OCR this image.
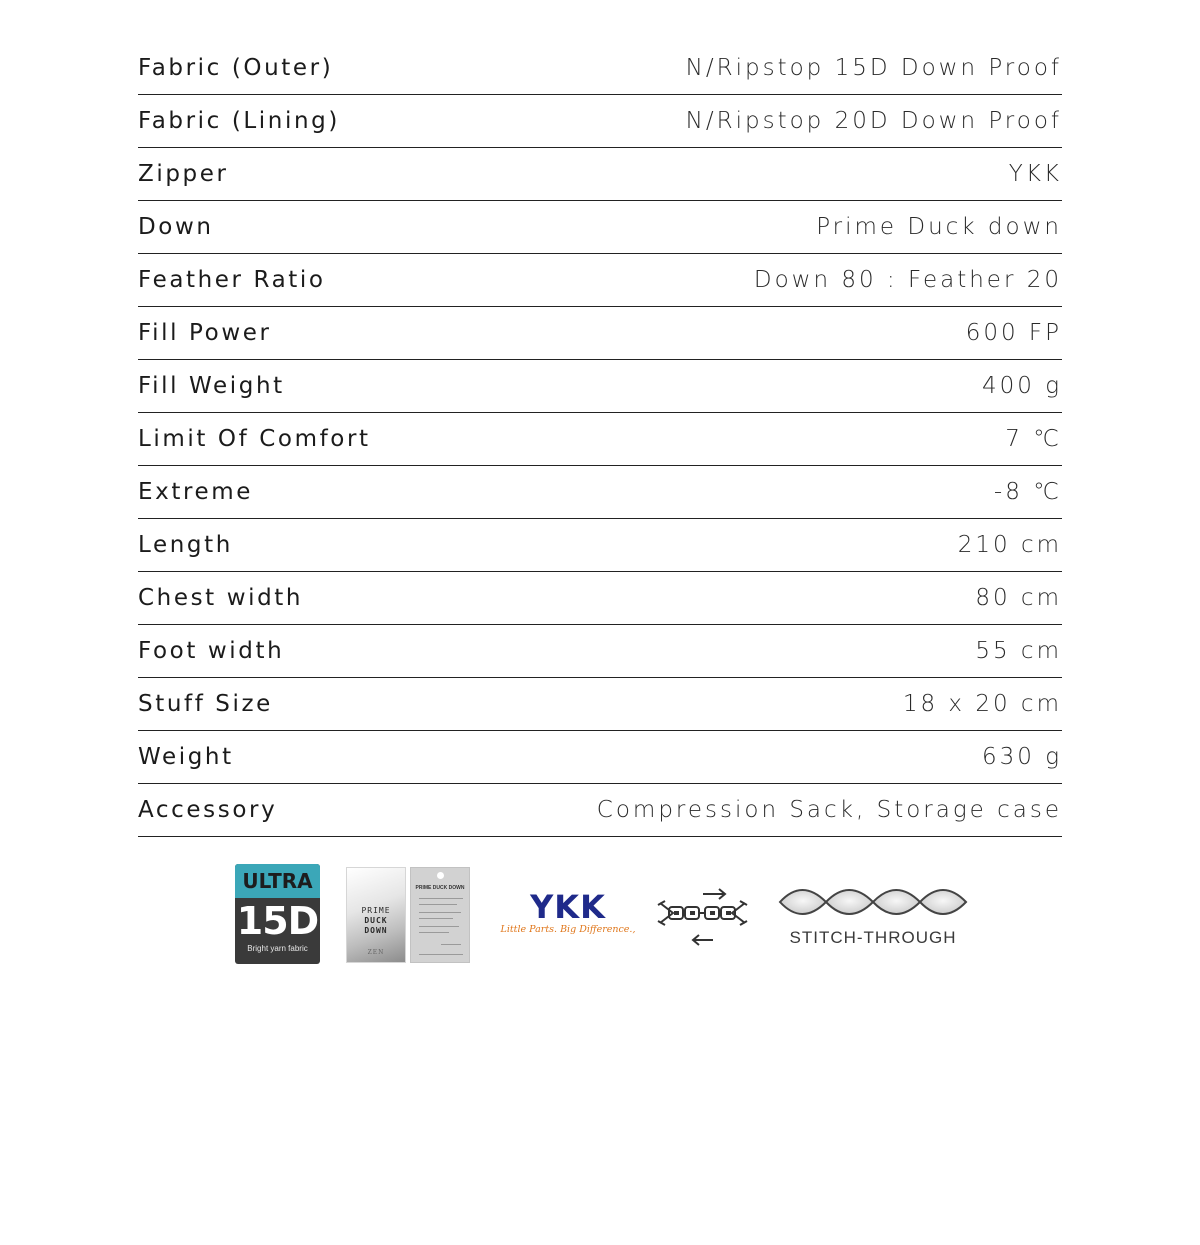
Fabric (Outer)	N/Ripstop 15D Down Proof
Fabric (Lining)	N/Ripstop 20D Down Proof
Zipper	YKK
Down	Prime Duck down
Feather Ratio	Down 80 : Feather 20
Fill Power	600 FP
Fill Weight	400 g
Limit Of Comfort	7 ℃
Extreme	-8 ℃
Length	210 cm
Chest width	80 cm
Foot width	55 cm
Stuff Size	18 x 20 cm
Weight	630 g
Accessory	Compression Sack, Storage case
ULTRA
15D
Bright yarn fabric
PRIME
DUCK
DOWN
ZEN
PRIME DUCK DOWN	YKK
Little Parts. Big Difference.,	STITCH-THROUGH
